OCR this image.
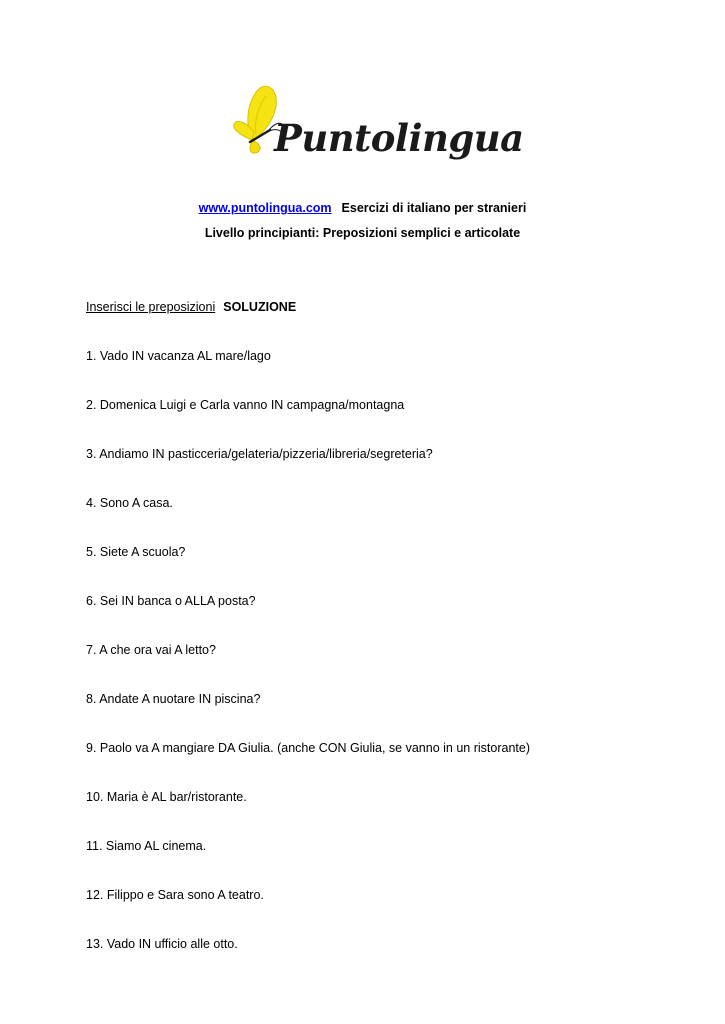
Puntolingua
www.puntolingua.com Esercizi di italiano per stranieri
Livello principianti: Preposizioni semplici e articolate
Inserisci le preposizioni SOLUZIONE
1. Vado IN vacanza AL mare/lago
2. Domenica Luigi e Carla vanno IN campagna/montagna
3. Andiamo IN pasticceria/gelateria/pizzeria/libreria/segreteria?
4. Sono A casa.
5. Siete A scuola?
6. Sei IN banca o ALLA posta?
7. A che ora vai A letto?
8. Andate A nuotare IN piscina?
9. Paolo va A mangiare DA Giulia. (anche CON Giulia, se vanno in un ristorante)
10. Maria è AL bar/ristorante.
11. Siamo AL cinema.
12. Filippo e Sara sono A teatro.
13. Vado IN ufficio alle otto.
